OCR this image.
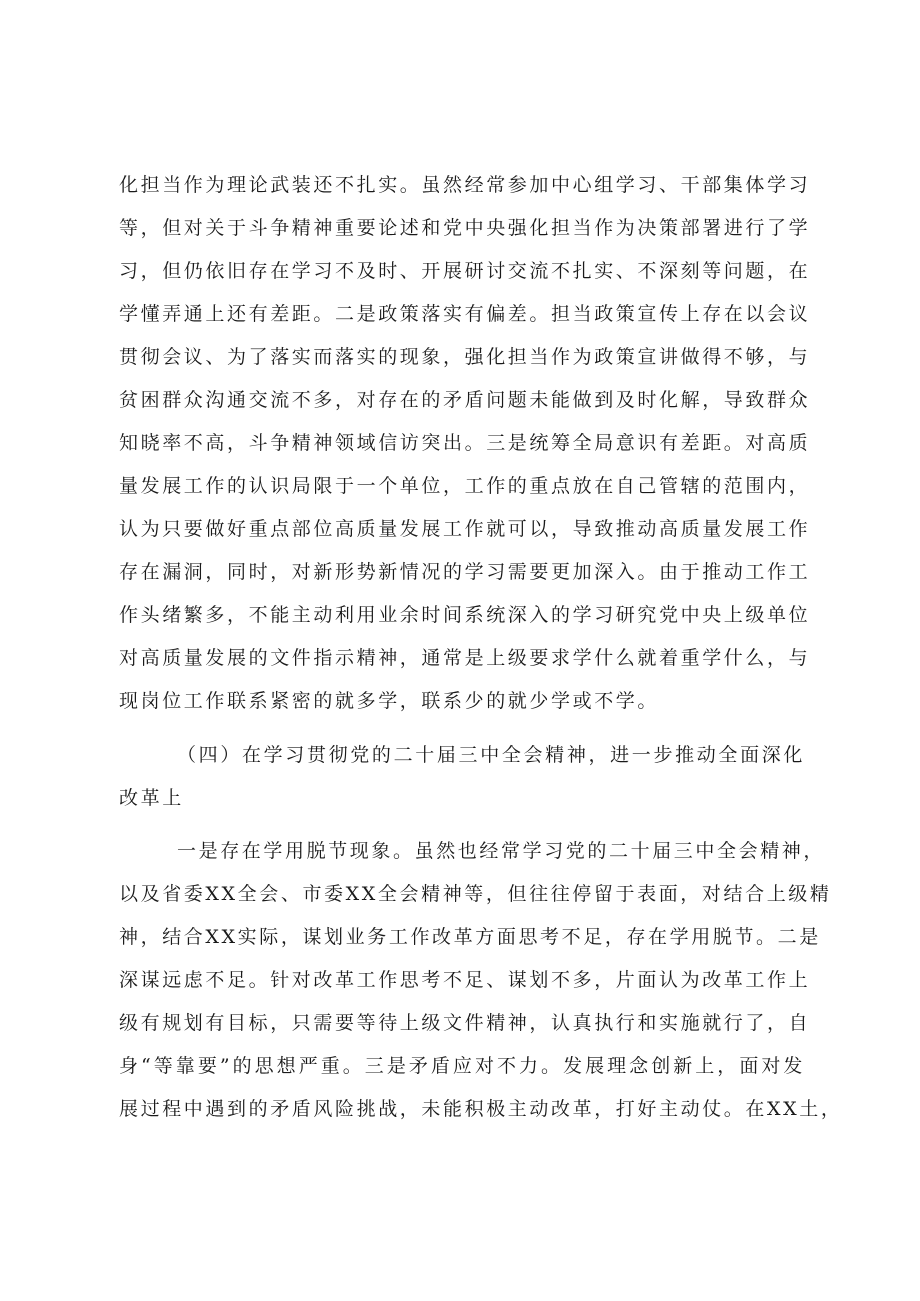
化担当作为理论武装还不扎实。虽然经常参加中心组学习、干部集体学习
等，但对关于斗争精神重要论述和党中央强化担当作为决策部署进行了学
习，但仍依旧存在学习不及时、开展研讨交流不扎实、不深刻等问题，在
学懂弄通上还有差距。二是政策落实有偏差。担当政策宣传上存在以会议
贯彻会议、为了落实而落实的现象，强化担当作为政策宣讲做得不够，与
贫困群众沟通交流不多，对存在的矛盾问题未能做到及时化解，导致群众
知晓率不高，斗争精神领域信访突出。三是统筹全局意识有差距。对高质
量发展工作的认识局限于一个单位，工作的重点放在自己管辖的范围内，
认为只要做好重点部位高质量发展工作就可以，导致推动高质量发展工作
存在漏洞，同时，对新形势新情况的学习需要更加深入。由于推动工作工
作头绪繁多，不能主动利用业余时间系统深入的学习研究党中央上级单位
对高质量发展的文件指示精神，通常是上级要求学什么就着重学什么，与
现岗位工作联系紧密的就多学，联系少的就少学或不学。
（四）在学习贯彻党的二十届三中全会精神，进一步推动全面深化
改革上
一是存在学用脱节现象。虽然也经常学习党的二十届三中全会精神，
以及省委XX全会、市委XX全会精神等，但往往停留于表面，对结合上级精
神，结合XX实际，谋划业务工作改革方面思考不足，存在学用脱节。二是
深谋远虑不足。针对改革工作思考不足、谋划不多，片面认为改革工作上
级有规划有目标，只需要等待上级文件精神，认真执行和实施就行了，自
身“等靠要”的思想严重。三是矛盾应对不力。发展理念创新上，面对发
展过程中遇到的矛盾风险挑战，未能积极主动改革，打好主动仗。在XX土，
